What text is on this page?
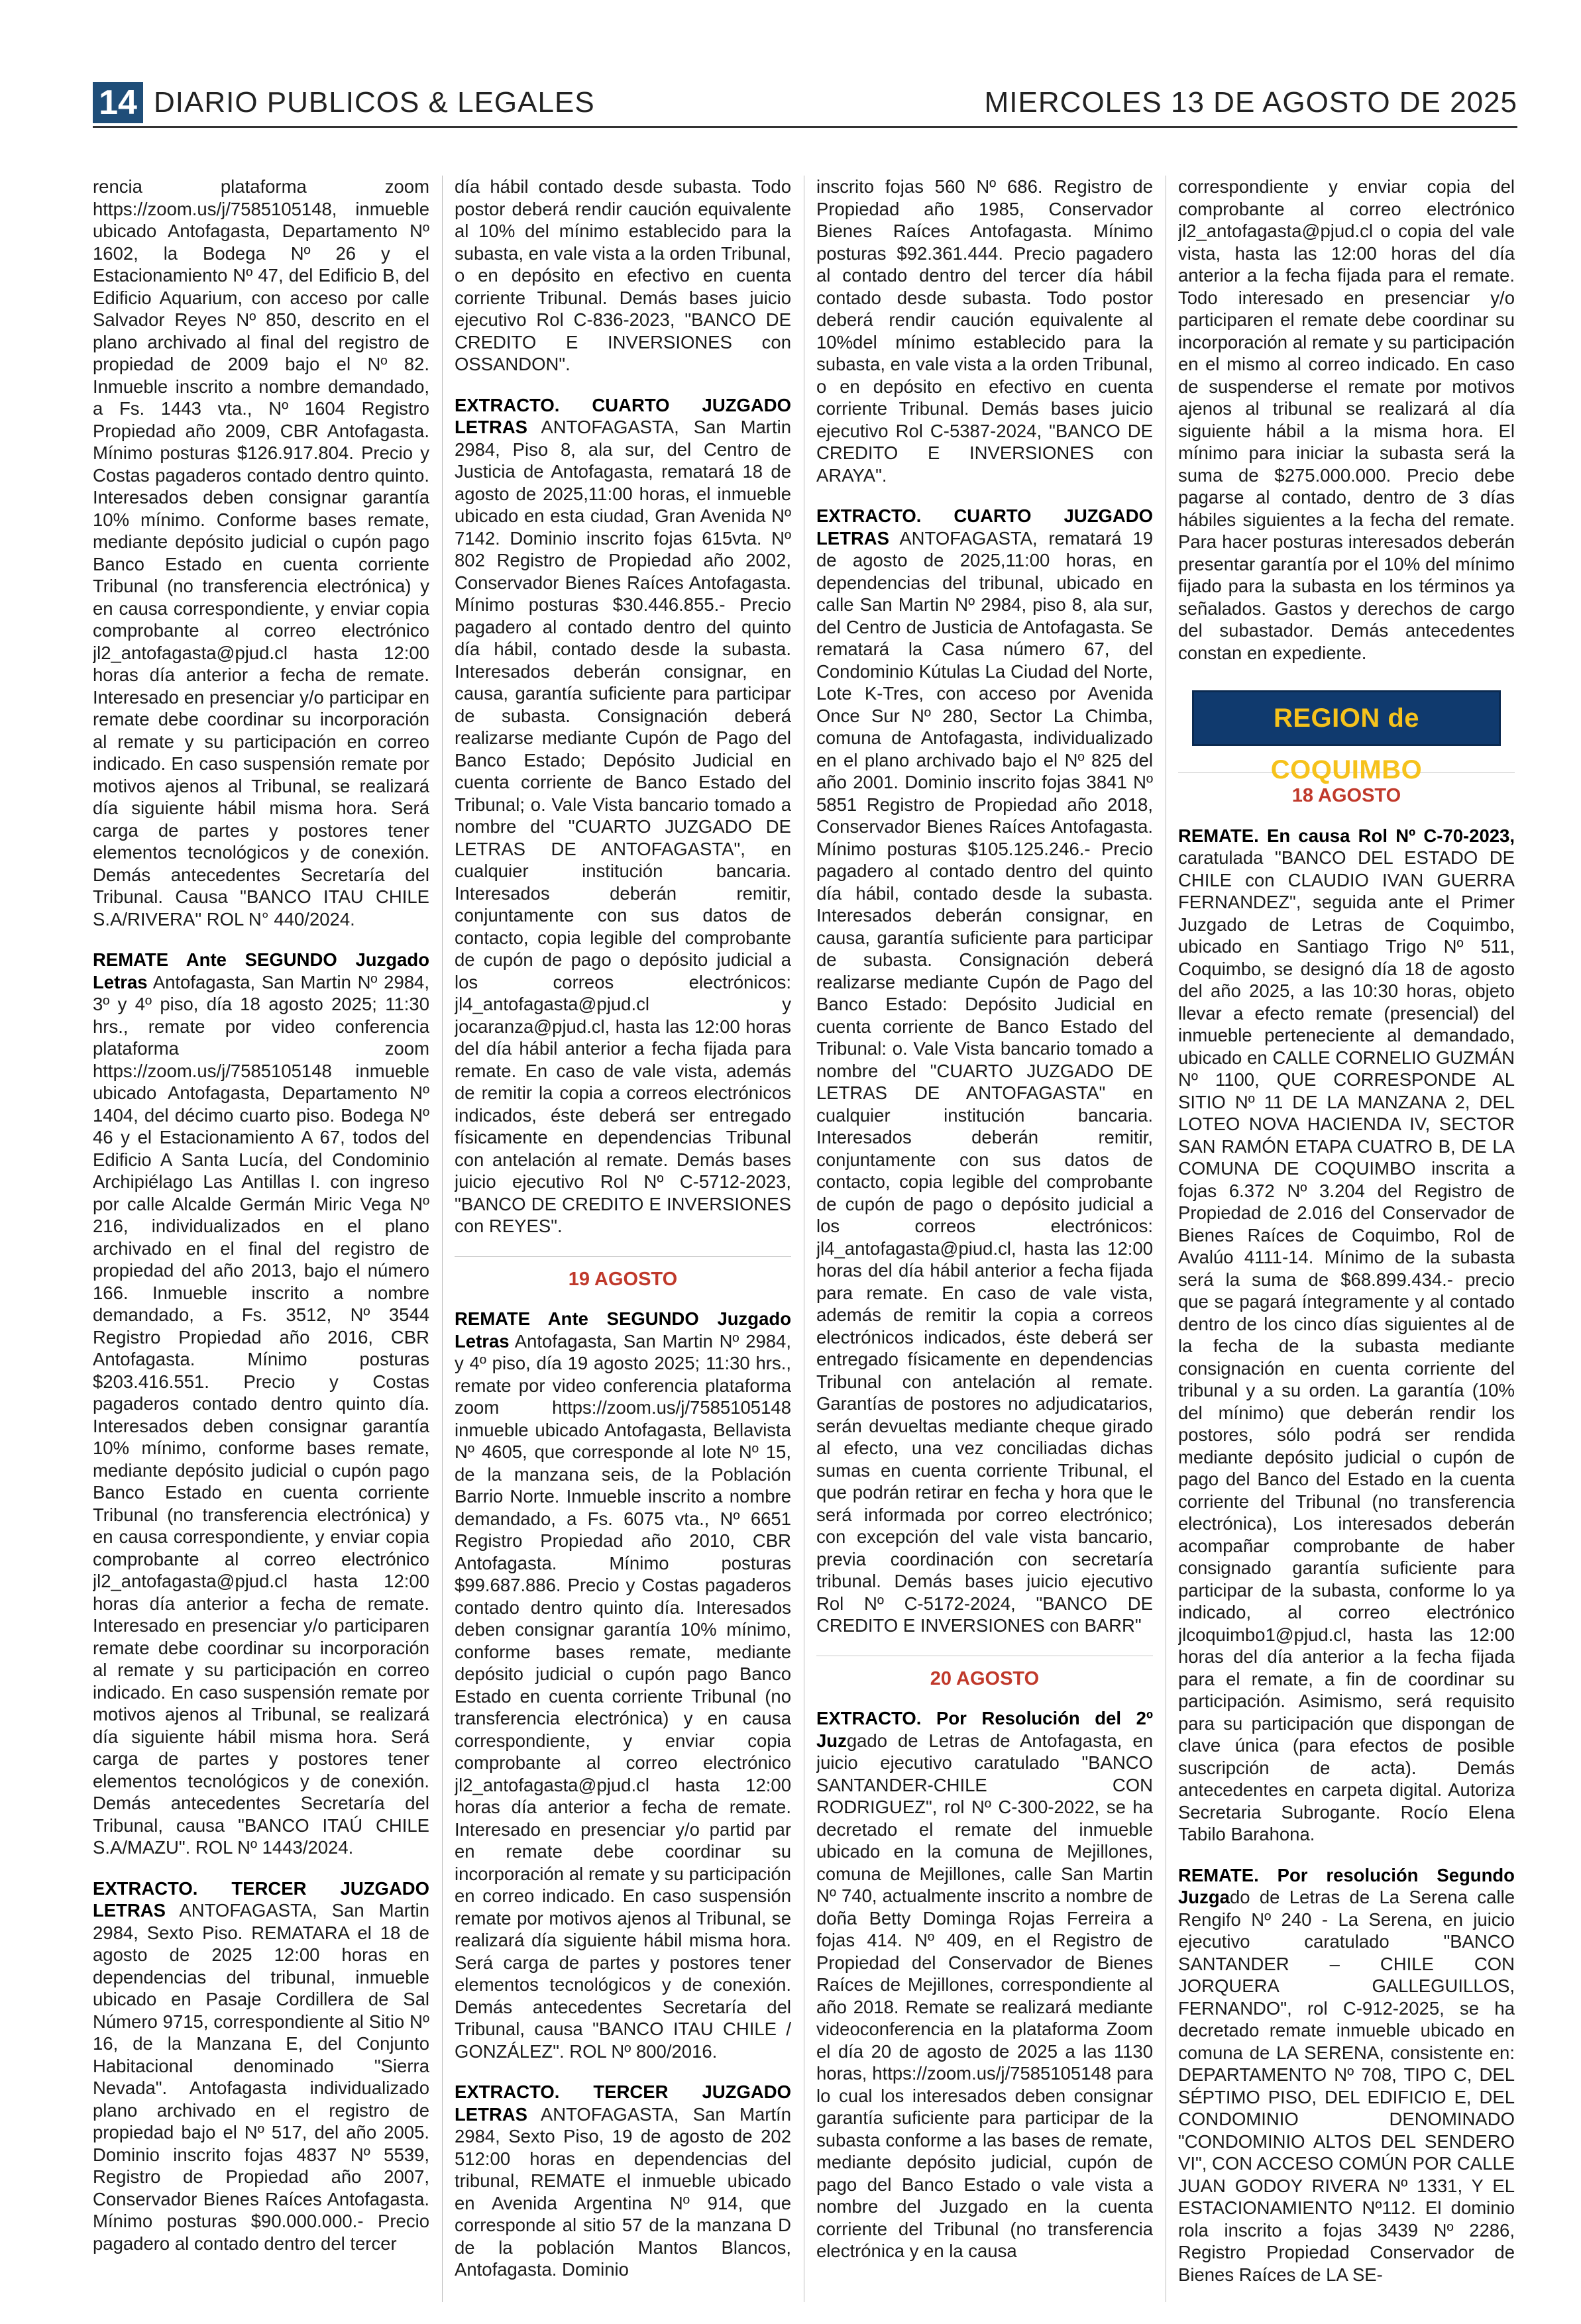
14 DIARIO PUBLICOS & LEGALES	MIERCOLES 13 DE AGOSTO DE 2025

rencia plataforma zoom https://zoom.us/j/7585105148, inmueble ubicado Antofagasta, Departamento Nº 1602, la Bodega Nº 26 y el Estacionamiento Nº 47, del Edificio B, del Edificio Aquarium, con acceso por calle Salvador Reyes Nº 850, descrito en el plano archivado al final del registro de propiedad de 2009 bajo el Nº 82. Inmueble inscrito a nombre demandado, a Fs. 1443 vta., Nº 1604 Registro Propiedad año 2009, CBR Antofagasta. Mínimo posturas $126.917.804. Precio y Costas pagaderos contado dentro quinto. Interesados deben consignar garantía 10% mínimo. Conforme bases remate, mediante depósito judicial o cupón pago Banco Estado en cuenta corriente Tribunal (no transferencia electrónica) y en causa correspondiente, y enviar copia comprobante al correo electrónico jl2_antofagasta@pjud.cl hasta 12:00 horas día anterior a fecha de remate. Interesado en presenciar y/o participar en remate debe coordinar su incorporación al remate y su participación en correo indicado. En caso suspensión remate por motivos ajenos al Tribunal, se realizará día siguiente hábil misma hora. Será carga de partes y postores tener elementos tecnológicos y de conexión. Demás antecedentes Secretaría del Tribunal. Causa "BANCO ITAU CHILE S.A/RIVERA" ROL N° 440/2024.

REMATE Ante SEGUNDO Juzgado Letras Antofagasta, San Martin Nº 2984, 3º y 4º piso, día 18 agosto 2025; 11:30 hrs., remate por video conferencia plataforma zoom https://zoom.us/j/7585105148 inmueble ubicado Antofagasta, Departamento Nº 1404, del décimo cuarto piso. Bodega Nº 46 y el Estacionamiento A 67, todos del Edificio A Santa Lucía, del Condominio Archipiélago Las Antillas I. con ingreso por calle Alcalde Germán Miric Vega Nº 216, individualizados en el plano archivado en el final del registro de propiedad del año 2013, bajo el número 166. Inmueble inscrito a nombre demandado, a Fs. 3512, Nº 3544 Registro Propiedad año 2016, CBR Antofagasta. Mínimo posturas $203.416.551. Precio y Costas pagaderos contado dentro quinto día. Interesados deben consignar garantía 10% mínimo, conforme bases remate, mediante depósito judicial o cupón pago Banco Estado en cuenta corriente Tribunal (no transferencia electrónica) y en causa correspondiente, y enviar copia comprobante al correo electrónico jl2_antofagasta@pjud.cl hasta 12:00 horas día anterior a fecha de remate. Interesado en presenciar y/o participaren remate debe coordinar su incorporación al remate y su participación en correo indicado. En caso suspensión remate por motivos ajenos al Tribunal, se realizará día siguiente hábil misma hora. Será carga de partes y postores tener elementos tecnológicos y de conexión. Demás antecedentes Secretaría del Tribunal, causa "BANCO ITAÚ CHILE S.A/MAZU". ROL Nº 1443/2024.

EXTRACTO. TERCER JUZGADO LETRAS ANTOFAGASTA, San Martin 2984, Sexto Piso. REMATARA el 18 de agosto de 2025 12:00 horas en dependencias del tribunal, inmueble ubicado en Pasaje Cordillera de Sal Número 9715, correspondiente al Sitio Nº 16, de la Manzana E, del Conjunto Habitacional denominado "Sierra Nevada". Antofagasta individualizado plano archivado en el registro de propiedad bajo el Nº 517, del año 2005. Dominio inscrito fojas 4837 Nº 5539, Registro de Propiedad año 2007, Conservador Bienes Raíces Antofagasta. Mínimo posturas $90.000.000.- Precio pagadero al contado dentro del tercer

día hábil contado desde subasta. Todo postor deberá rendir caución equivalente al 10% del mínimo establecido para la subasta, en vale vista a la orden Tribunal, o en depósito en efectivo en cuenta corriente Tribunal. Demás bases juicio ejecutivo Rol C-836-2023, "BANCO DE CREDITO E INVERSIONES con OSSANDON".

EXTRACTO. CUARTO JUZGADO LETRAS ANTOFAGASTA, San Martin 2984, Piso 8, ala sur, del Centro de Justicia de Antofagasta, rematará 18 de agosto de 2025,11:00 horas, el inmueble ubicado en esta ciudad, Gran Avenida Nº 7142. Dominio inscrito fojas 615vta. Nº 802 Registro de Propiedad año 2002, Conservador Bienes Raíces Antofagasta. Mínimo posturas $30.446.855.- Precio pagadero al contado dentro del quinto día hábil, contado desde la subasta. Interesados deberán consignar, en causa, garantía suficiente para participar de subasta. Consignación deberá realizarse mediante Cupón de Pago del Banco Estado; Depósito Judicial en cuenta corriente de Banco Estado del Tribunal; o. Vale Vista bancario tomado a nombre del "CUARTO JUZGADO DE LETRAS DE ANTOFAGASTA", en cualquier institución bancaria. Interesados deberán remitir, conjuntamente con sus datos de contacto, copia legible del comprobante de cupón de pago o depósito judicial a los correos electrónicos: jl4_antofagasta@pjud.cl y jocaranza@pjud.cl, hasta las 12:00 horas del día hábil anterior a fecha fijada para remate. En caso de vale vista, además de remitir la copia a correos electrónicos indicados, éste deberá ser entregado físicamente en dependencias Tribunal con antelación al remate. Demás bases juicio ejecutivo Rol Nº C-5712-2023, "BANCO DE CREDITO E INVERSIONES con REYES".

19 AGOSTO

REMATE Ante SEGUNDO Juzgado Letras Antofagasta, San Martin Nº 2984, y 4º piso, día 19 agosto 2025; 11:30 hrs., remate por video conferencia plataforma zoom https://zoom.us/j/7585105148 inmueble ubicado Antofagasta, Bellavista Nº 4605, que corresponde al lote Nº 15, de la manzana seis, de la Población Barrio Norte. Inmueble inscrito a nombre demandado, a Fs. 6075 vta., Nº 6651 Registro Propiedad año 2010, CBR Antofagasta. Mínimo posturas $99.687.886. Precio y Costas pagaderos contado dentro quinto día. Interesados deben consignar garantía 10% mínimo, conforme bases remate, mediante depósito judicial o cupón pago Banco Estado en cuenta corriente Tribunal (no transferencia electrónica) y en causa correspondiente, y enviar copia comprobante al correo electrónico jl2_antofagasta@pjud.cl hasta 12:00 horas día anterior a fecha de remate. Interesado en presenciar y/o partid par en remate debe coordinar su incorporación al remate y su participación en correo indicado. En caso suspensión remate por motivos ajenos al Tribunal, se realizará día siguiente hábil misma hora. Será carga de partes y postores tener elementos tecnológicos y de conexión. Demás antecedentes Secretaría del Tribunal, causa "BANCO ITAU CHILE / GONZÁLEZ". ROL Nº 800/2016.

EXTRACTO. TERCER JUZGADO LETRAS ANTOFAGASTA, San Martín 2984, Sexto Piso, 19 de agosto de 202 512:00 horas en dependencias del tribunal, REMATE el inmueble ubicado en Avenida Argentina Nº 914, que corresponde al sitio 57 de la manzana D de la población Mantos Blancos, Antofagasta. Dominio

inscrito fojas 560 Nº 686. Registro de Propiedad año 1985, Conservador Bienes Raíces Antofagasta. Mínimo posturas $92.361.444. Precio pagadero al contado dentro del tercer día hábil contado desde subasta. Todo postor deberá rendir caución equivalente al 10%del mínimo establecido para la subasta, en vale vista a la orden Tribunal, o en depósito en efectivo en cuenta corriente Tribunal. Demás bases juicio ejecutivo Rol C-5387-2024, "BANCO DE CREDITO E INVERSIONES con ARAYA".

EXTRACTO. CUARTO JUZGADO LETRAS ANTOFAGASTA, rematará 19 de agosto de 2025,11:00 horas, en dependencias del tribunal, ubicado en calle San Martin Nº 2984, piso 8, ala sur, del Centro de Justicia de Antofagasta. Se rematará la Casa número 67, del Condominio Kútulas La Ciudad del Norte, Lote K-Tres, con acceso por Avenida Once Sur Nº 280, Sector La Chimba, comuna de Antofagasta, individualizado en el plano archivado bajo el Nº 825 del año 2001. Dominio inscrito fojas 3841 Nº 5851 Registro de Propiedad año 2018, Conservador Bienes Raíces Antofagasta. Mínimo posturas $105.125.246.- Precio pagadero al contado dentro del quinto día hábil, contado desde la subasta. Interesados deberán consignar, en causa, garantía suficiente para participar de subasta. Consignación deberá realizarse mediante Cupón de Pago del Banco Estado: Depósito Judicial en cuenta corriente de Banco Estado del Tribunal: o. Vale Vista bancario tomado a nombre del "CUARTO JUZGADO DE LETRAS DE ANTOFAGASTA" en cualquier institución bancaria. Interesados deberán remitir, conjuntamente con sus datos de contacto, copia legible del comprobante de cupón de pago o depósito judicial a los correos electrónicos: jl4_antofagasta@piud.cl, hasta las 12:00 horas del día hábil anterior a fecha fijada para remate. En caso de vale vista, además de remitir la copia a correos electrónicos indicados, éste deberá ser entregado físicamente en dependencias Tribunal con antelación al remate. Garantías de postores no adjudicatarios, serán devueltas mediante cheque girado al efecto, una vez conciliadas dichas sumas en cuenta corriente Tribunal, el que podrán retirar en fecha y hora que le será informada por correo electrónico; con excepción del vale vista bancario, previa coordinación con secretaría tribunal. Demás bases juicio ejecutivo Rol Nº C-5172-2024, "BANCO DE CREDITO E INVERSIONES con BARR"

20 AGOSTO

EXTRACTO. Por Resolución del 2º Juzgado de Letras de Antofagasta, en juicio ejecutivo caratulado "BANCO SANTANDER-CHILE CON RODRIGUEZ", rol Nº C-300-2022, se ha decretado el remate del inmueble ubicado en la comuna de Mejillones, comuna de Mejillones, calle San Martin Nº 740, actualmente inscrito a nombre de doña Betty Dominga Rojas Ferreira a fojas 414. Nº 409, en el Registro de Propiedad del Conservador de Bienes Raíces de Mejillones, correspondiente al año 2018. Remate se realizará mediante videoconferencia en la plataforma Zoom el día 20 de agosto de 2025 a las 1130 horas, https://zoom.us/j/7585105148 para lo cual los interesados deben consignar garantía suficiente para participar de la subasta conforme a las bases de remate, mediante depósito judicial, cupón de pago del Banco Estado o vale vista a nombre del Juzgado en la cuenta corriente del Tribunal (no transferencia electrónica y en la causa

correspondiente y enviar copia del comprobante al correo electrónico jl2_antofagasta@pjud.cl o copia del vale vista, hasta las 12:00 horas del día anterior a la fecha fijada para el remate. Todo interesado en presenciar y/o participaren el remate debe coordinar su incorporación al remate y su participación en el mismo al correo indicado. En caso de suspenderse el remate por motivos ajenos al tribunal se realizará al día siguiente hábil a la misma hora. El mínimo para iniciar la subasta será la suma de $275.000.000. Precio debe pagarse al contado, dentro de 3 días hábiles siguientes a la fecha del remate. Para hacer posturas interesados deberán presentar garantía por el 10% del mínimo fijado para la subasta en los términos ya señalados. Gastos y derechos de cargo del subastador. Demás antecedentes constan en expediente.

REGION de COQUIMBO
18 AGOSTO

REMATE. En causa Rol Nº C-70-2023, caratulada "BANCO DEL ESTADO DE CHILE con CLAUDIO IVAN GUERRA FERNANDEZ", seguida ante el Primer Juzgado de Letras de Coquimbo, ubicado en Santiago Trigo Nº 511, Coquimbo, se designó día 18 de agosto del año 2025, a las 10:30 horas, objeto llevar a efecto remate (presencial) del inmueble perteneciente al demandado, ubicado en CALLE CORNELIO GUZMÁN Nº 1100, QUE CORRESPONDE AL SITIO Nº 11 DE LA MANZANA 2, DEL LOTEO NOVA HACIENDA IV, SECTOR SAN RAMÓN ETAPA CUATRO B, DE LA COMUNA DE COQUIMBO inscrita a fojas 6.372 Nº 3.204 del Registro de Propiedad de 2.016 del Conservador de Bienes Raíces de Coquimbo, Rol de Avalúo 4111-14. Mínimo de la subasta será la suma de $68.899.434.- precio que se pagará íntegramente y al contado dentro de los cinco días siguientes al de la fecha de la subasta mediante consignación en cuenta corriente del tribunal y a su orden. La garantía (10% del mínimo) que deberán rendir los postores, sólo podrá ser rendida mediante depósito judicial o cupón de pago del Banco del Estado en la cuenta corriente del Tribunal (no transferencia electrónica), Los interesados deberán acompañar comprobante de haber consignado garantía suficiente para participar de la subasta, conforme lo ya indicado, al correo electrónico jlcoquimbo1@pjud.cl, hasta las 12:00 horas del día anterior a la fecha fijada para el remate, a fin de coordinar su participación. Asimismo, será requisito para su participación que dispongan de clave única (para efectos de posible suscripción de acta). Demás antecedentes en carpeta digital. Autoriza Secretaria Subrogante. Rocío Elena Tabilo Barahona.

REMATE. Por resolución Segundo Juzgado de Letras de La Serena calle Rengifo Nº 240 - La Serena, en juicio ejecutivo caratulado "BANCO SANTANDER – CHILE CON JORQUERA GALLEGUILLOS, FERNANDO", rol C-912-2025, se ha decretado remate inmueble ubicado en comuna de LA SERENA, consistente en: DEPARTAMENTO Nº 708, TIPO C, DEL SÉPTIMO PISO, DEL EDIFICIO E, DEL CONDOMINIO DENOMINADO "CONDOMINIO ALTOS DEL SENDERO VI", CON ACCESO COMÚN POR CALLE JUAN GODOY RIVERA Nº 1331, Y EL ESTACIONAMIENTO Nº112. El dominio rola inscrito a fojas 3439 Nº 2286, Registro Propiedad Conservador de Bienes Raíces de LA SE-
